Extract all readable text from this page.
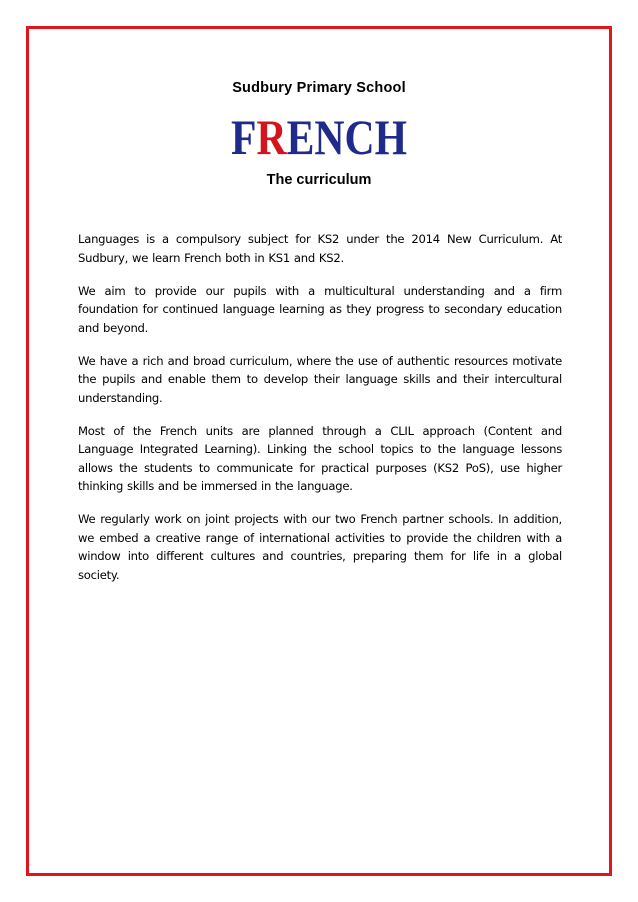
Sudbury Primary School
FRENCH
The curriculum

Languages is a compulsory subject for KS2 under the 2014 New Curriculum. At Sudbury, we learn French both in KS1 and KS2.

We aim to provide our pupils with a multicultural understanding and a firm foundation for continued language learning as they progress to secondary education and beyond.

We have a rich and broad curriculum, where the use of authentic resources motivate the pupils and enable them to develop their language skills and their intercultural understanding.

Most of the French units are planned through a CLIL approach (Content and Language Integrated Learning). Linking the school topics to the language lessons allows the students to communicate for practical purposes (KS2 PoS), use higher thinking skills and be immersed in the language.

We regularly work on joint projects with our two French partner schools. In addition, we embed a creative range of international activities to provide the children with a window into different cultures and countries, preparing them for life in a global society.
